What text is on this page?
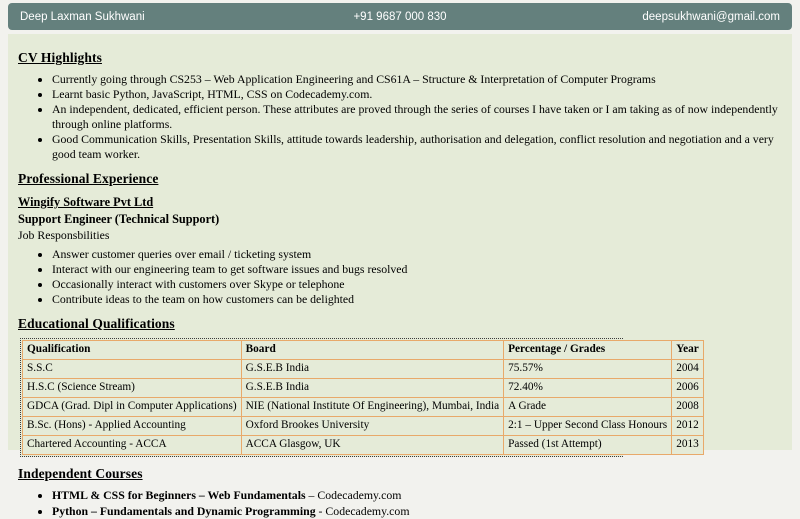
Deep Laxman Sukhwani	+91 9687 000 830	deepsukhwani@gmail.com
CV Highlights
• Currently going through CS253 – Web Application Engineering and CS61A – Structure & Interpretation of Computer Programs
• Learnt basic Python, JavaScript, HTML, CSS on Codecademy.com.
• An independent, dedicated, efficient person. These attributes are proved through the series of courses I have taken or I am taking as of now independently through online platforms.
• Good Communication Skills, Presentation Skills, attitude towards leadership, authorisation and delegation, conflict resolution and negotiation and a very good team worker.
Professional Experience
Wingify Software Pvt Ltd
Support Engineer (Technical Support)
Job Responsbilities
• Answer customer queries over email / ticketing system
• Interact with our engineering team to get software issues and bugs resolved
• Occasionally interact with customers over Skype or telephone
• Contribute ideas to the team on how customers can be delighted
Educational Qualifications
Qualification	Board	Percentage / Grades	Year
S.S.C	G.S.E.B India	75.57%	2004
H.S.C (Science Stream)	G.S.E.B India	72.40%	2006
GDCA (Grad. Dipl in Computer Applications)	NIE (National Institute Of Engineering), Mumbai, India	A Grade	2008
B.Sc. (Hons) - Applied Accounting	Oxford Brookes University	2:1 – Upper Second Class Honours	2012
Chartered Accounting - ACCA	ACCA Glasgow, UK	Passed (1st Attempt)	2013
Independent Courses
• HTML & CSS for Beginners – Web Fundamentals – Codecademy.com
• Python – Fundamentals and Dynamic Programming - Codecademy.com
